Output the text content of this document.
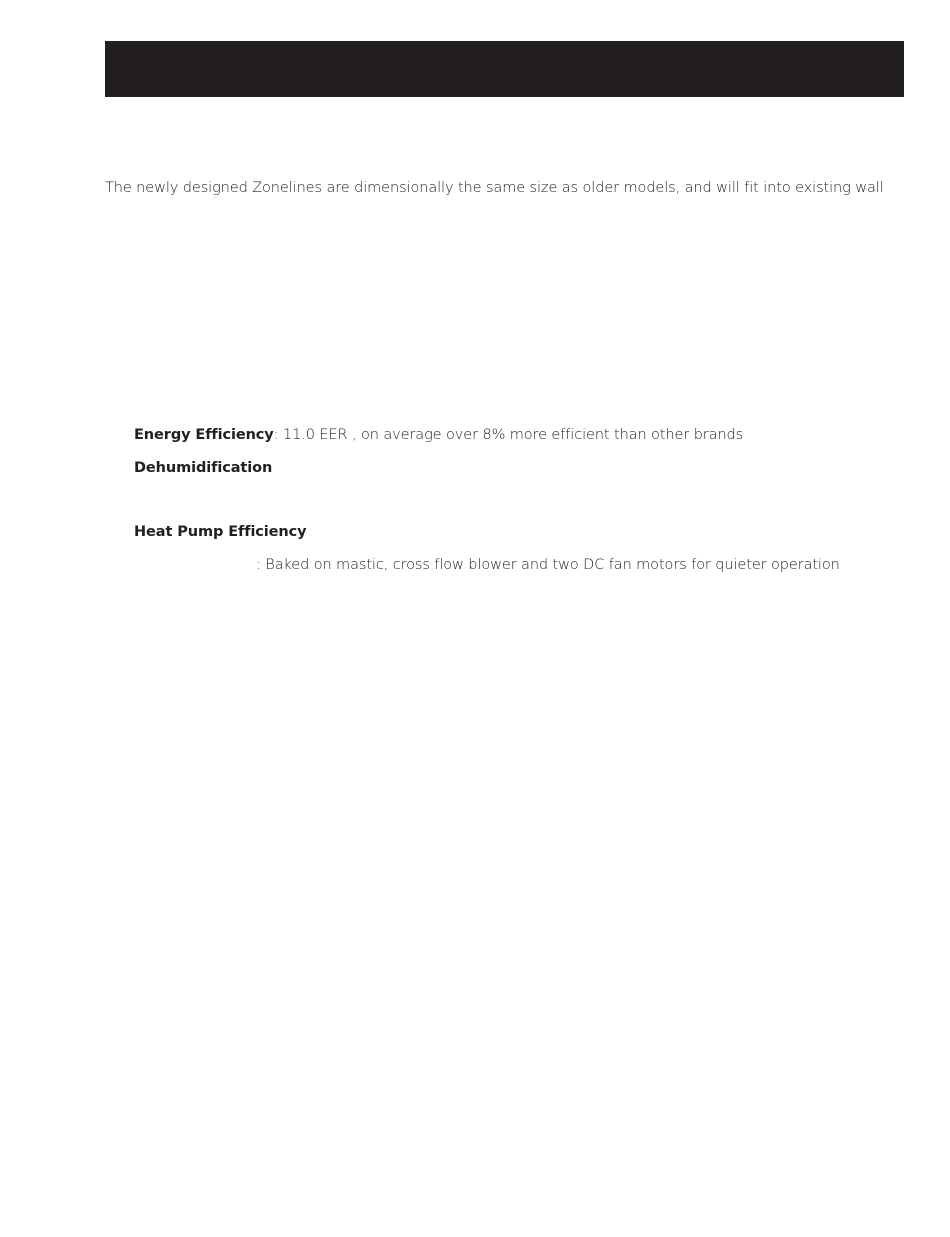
The newly designed Zonelines are dimensionally the same size as older models, and will fit into existing wall

Energy Efficiency: 11.0 EER , on average over 8% more efficient than other brands

Dehumidification

Heat Pump Efficiency

: Baked on mastic, cross flow blower and two DC fan motors for quieter operation
